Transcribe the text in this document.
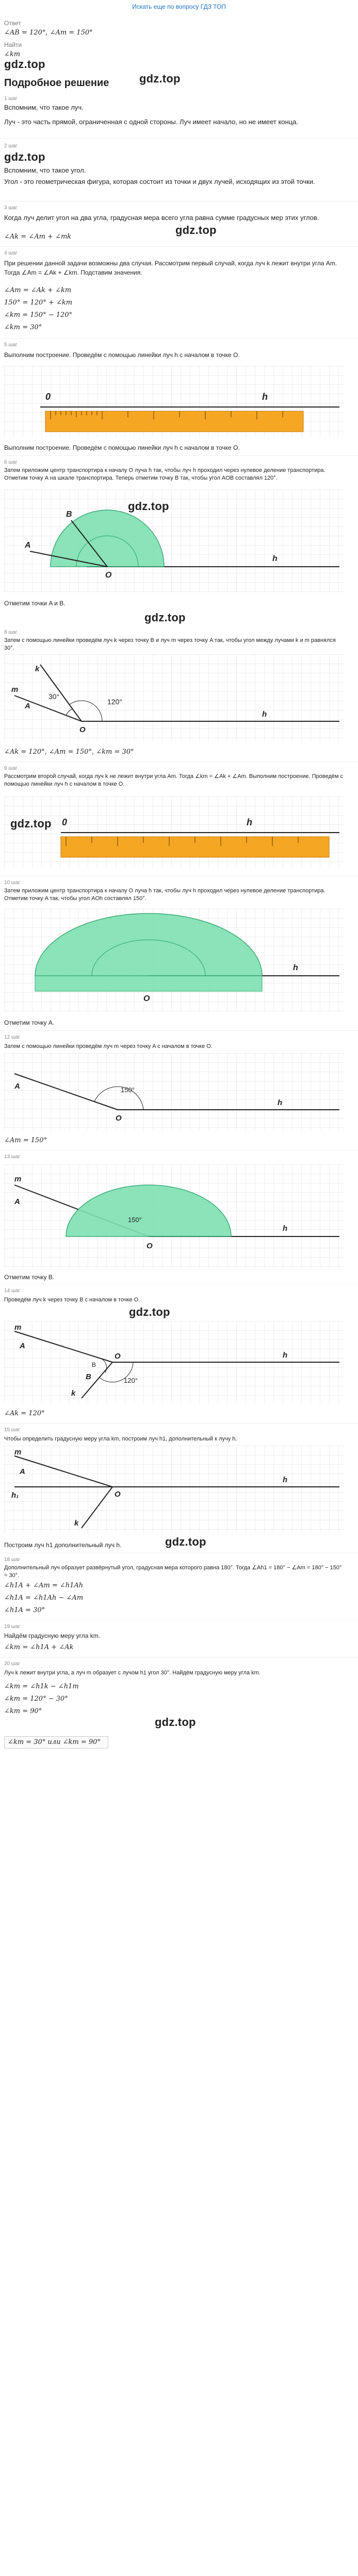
Искать еще по вопросу ГДЗ ТОП
Ответ
∠AB = 120°, ∠Am = 150°
Найти
∠km
gdz.top
Подробное решение	gdz.top
1 шаг
Вспомним, что такое луч.
Луч - это часть прямой, ограниченная с одной стороны. Луч имеет начало, но не имеет конца.
2 шаг
gdz.top
Вспомним, что такое угол.
Угол - это геометрическая фигура, которая состоит из точки и двух лучей, исходящих из этой точки.
3 шаг
Когда луч делит угол на два угла, градусная мера всего угла равна сумме градусных мер этих углов.
∠Ak = ∠Am + ∠mk
gdz.top
4 шаг
При решении данной задачи возможны два случая. Рассмотрим первый случай, когда луч k лежит внутри угла Am. Тогда ∠Am = ∠Ak + ∠km. Подставим значения.
∠Am = ∠Ak + ∠km
150° = 120° + ∠km
∠km = 150° − 120°
∠km = 30°
5 шаг
Выполним построение. Проведём с помощью линейки луч h с началом в точке O.
0	h
Выполним построение. Проведём с помощью линейки луч h с началом в точке O.
6 шаг
Затем приложим центр транспортира к началу O луча h так, чтобы луч h проходил через нулевое деление транспортира. Отметим точку A на шкале транспортира. Теперь отметим точку B так, чтобы угол AOB составлял 120°.
B
A
O
h
gdz.top
Отметим точки A и B.
gdz.top
8 шаг
Затем с помощью линейки проведём луч k через точку B и луч m через точку A так, чтобы угол между лучами k и m равнялся 30°.
k
m
A
O
h
30°
120°
∠Ak = 120°, ∠Am = 150°, ∠km = 30°
9 шаг
Рассмотрим второй случай, когда луч k не лежит внутри угла Am. Тогда ∠km = ∠Ak + ∠Am. Выполним построение. Проведём с помощью линейки луч h с началом в точке O.
gdz.top 0	h
10 шаг
Затем приложим центр транспортира к началу O луча h так, чтобы луч h проходил через нулевое деление транспортира. Отметим точку A так, чтобы угол AOh составлял 150°.
O
h
Отметим точку A.
12 шаг
Затем с помощью линейки проведём луч m через точку A с началом в точке O.
A
O
h
150°
∠Am = 150°
13 шаг
m
A
O
h
150°
Отметим точку B.
14 шаг
Проведём луч k через точку B с началом в точке O.
gdz.top
m
A
O
k
B
h
B
120°
∠Ak = 120°
15 шаг
Чтобы определить градусную меру угла km, построим луч h1, дополнительный к лучу h.
m
A
h₁	O
k
h
Построим луч h1 дополнительный луч h.	gdz.top
18 шаг
Дополнительный луч образует развёрнутый угол, градусная мера которого равна 180°. Тогда ∠Ah1 = 180° − ∠Am = 180° − 150° = 30°.
∠h1A + ∠Am = ∠h1Ah
∠h1A = ∠h1Ah − ∠Am
∠h1A = 30°
19 шаг
Найдём градусную меру угла km.
∠km = ∠h1A + ∠Ak
20 шаг
Луч k лежит внутри угла, а луч m образует с лучом h1 угол 30°. Найдём градусную меру угла km.
∠km = ∠h1k − ∠h1m
∠km = 120° − 30°
∠km = 90°
gdz.top
∠km = 30° или ∠km = 90°
